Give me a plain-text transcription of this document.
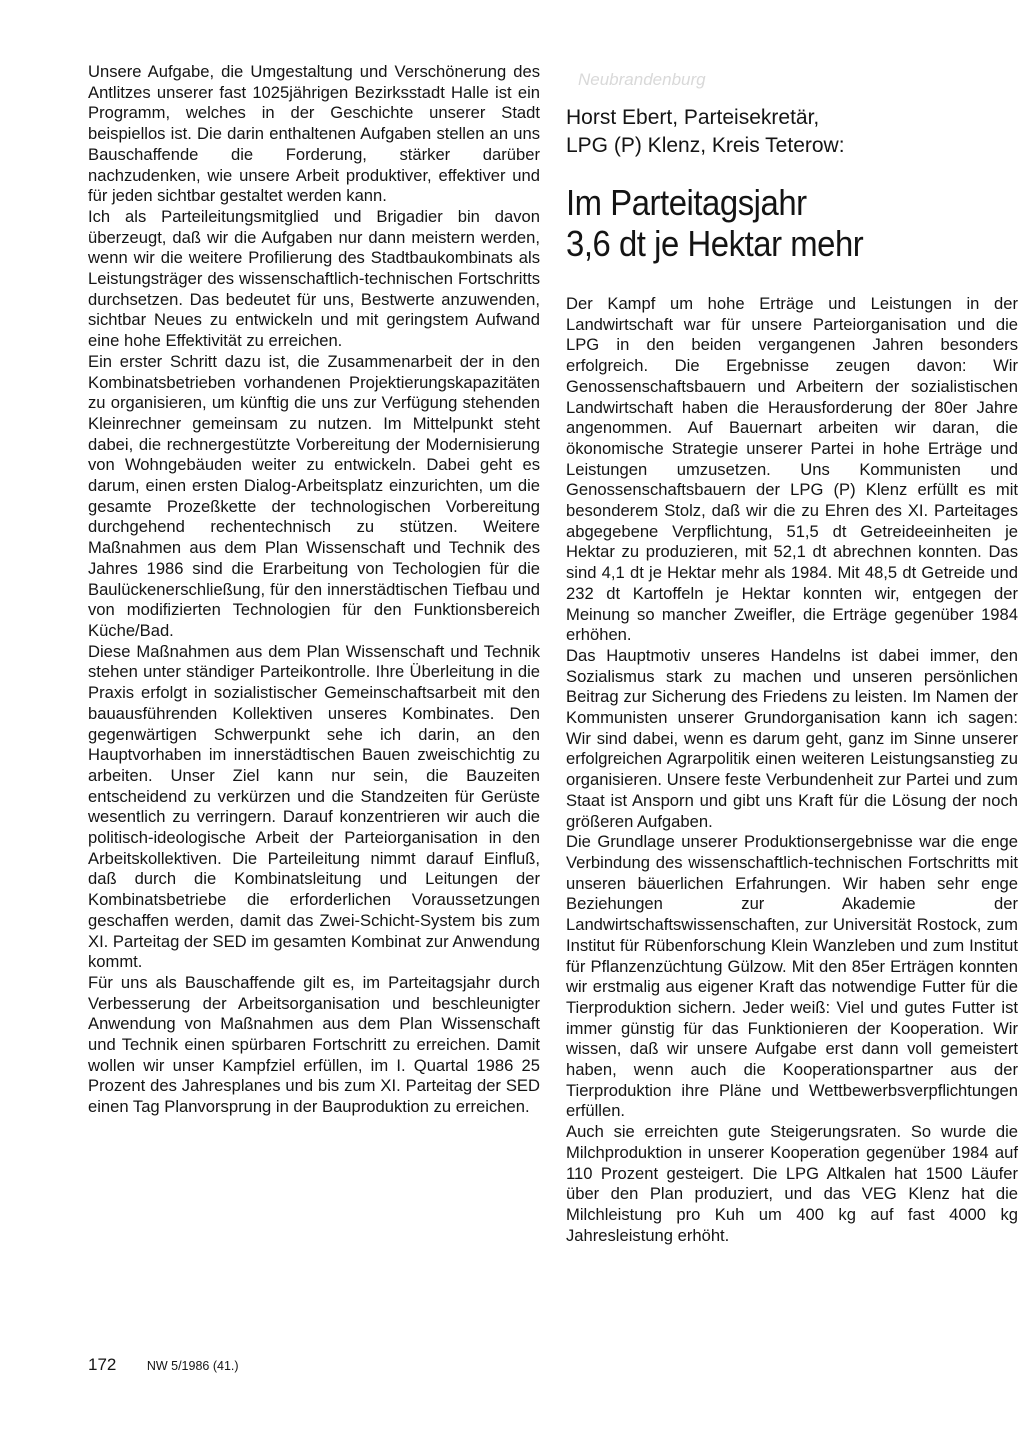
Unsere Aufgabe, die Umgestaltung und Verschönerung des Antlitzes unserer fast 1025jährigen Bezirksstadt Halle ist ein Programm, welches in der Geschichte unserer Stadt beispiellos ist. Die darin enthaltenen Aufgaben stellen an uns Bauschaffende die Forderung, stärker darüber nachzudenken, wie unsere Arbeit produktiver, effektiver und für jeden sichtbar gestaltet werden kann.

Ich als Parteileitungsmitglied und Brigadier bin davon überzeugt, daß wir die Aufgaben nur dann meistern werden, wenn wir die weitere Profilierung des Stadtbaukombinats als Leistungsträger des wissenschaftlich-technischen Fortschritts durchsetzen. Das bedeutet für uns, Bestwerte anzuwenden, sichtbar Neues zu entwickeln und mit geringstem Aufwand eine hohe Effektivität zu erreichen.

Ein erster Schritt dazu ist, die Zusammenarbeit der in den Kombinatsbetrieben vorhandenen Projektierungskapazitäten zu organisieren, um künftig die uns zur Verfügung stehenden Kleinrechner gemeinsam zu nutzen. Im Mittelpunkt steht dabei, die rechnergestützte Vorbereitung der Modernisierung von Wohngebäuden weiter zu entwickeln. Dabei geht es darum, einen ersten Dialog-Arbeitsplatz einzurichten, um die gesamte Prozeßkette der technologischen Vorbereitung durchgehend rechentechnisch zu stützen. Weitere Maßnahmen aus dem Plan Wissenschaft und Technik des Jahres 1986 sind die Erarbeitung von Techologien für die Baulückenerschließung, für den innerstädtischen Tiefbau und von modifizierten Technologien für den Funktionsbereich Küche/Bad.

Diese Maßnahmen aus dem Plan Wissenschaft und Technik stehen unter ständiger Parteikontrolle. Ihre Überleitung in die Praxis erfolgt in sozialistischer Gemeinschaftsarbeit mit den bauausführenden Kollektiven unseres Kombinates. Den gegenwärtigen Schwerpunkt sehe ich darin, an den Hauptvorhaben im innerstädtischen Bauen zweischichtig zu arbeiten. Unser Ziel kann nur sein, die Bauzeiten entscheidend zu verkürzen und die Standzeiten für Gerüste wesentlich zu verringern. Darauf konzentrieren wir auch die politisch-ideologische Arbeit der Parteiorganisation in den Arbeitskollektiven. Die Parteileitung nimmt darauf Einfluß, daß durch die Kombinatsleitung und Leitungen der Kombinatsbetriebe die erforderlichen Voraussetzungen geschaffen werden, damit das Zwei-Schicht-System bis zum XI. Parteitag der SED im gesamten Kombinat zur Anwendung kommt.

Für uns als Bauschaffende gilt es, im Parteitagsjahr durch Verbesserung der Arbeitsorganisation und beschleunigter Anwendung von Maßnahmen aus dem Plan Wissenschaft und Technik einen spürbaren Fortschritt zu erreichen. Damit wollen wir unser Kampfziel erfüllen, im I. Quartal 1986 25 Prozent des Jahresplanes und bis zum XI. Parteitag der SED einen Tag Planvorsprung in der Bauproduktion zu erreichen.

Neubrandenburg
Horst Ebert, Parteisekretär,
LPG (P) Klenz, Kreis Teterow:
Im Parteitagsjahr
3,6 dt je Hektar mehr

Der Kampf um hohe Erträge und Leistungen in der Landwirtschaft war für unsere Parteiorganisation und die LPG in den beiden vergangenen Jahren besonders erfolgreich. Die Ergebnisse zeugen davon: Wir Genossenschaftsbauern und Arbeitern der sozialistischen Landwirtschaft haben die Herausforderung der 80er Jahre angenommen. Auf Bauernart arbeiten wir daran, die ökonomische Strategie unserer Partei in hohe Erträge und Leistungen umzusetzen. Uns Kommunisten und Genossenschaftsbauern der LPG (P) Klenz erfüllt es mit besonderem Stolz, daß wir die zu Ehren des XI. Parteitages abgegebene Verpflichtung, 51,5 dt Getreideeinheiten je Hektar zu produzieren, mit 52,1 dt abrechnen konnten. Das sind 4,1 dt je Hektar mehr als 1984. Mit 48,5 dt Getreide und 232 dt Kartoffeln je Hektar konnten wir, entgegen der Meinung so mancher Zweifler, die Erträge gegenüber 1984 erhöhen.

Das Hauptmotiv unseres Handelns ist dabei immer, den Sozialismus stark zu machen und unseren persönlichen Beitrag zur Sicherung des Friedens zu leisten. Im Namen der Kommunisten unserer Grundorganisation kann ich sagen: Wir sind dabei, wenn es darum geht, ganz im Sinne unserer erfolgreichen Agrarpolitik einen weiteren Leistungsanstieg zu organisieren. Unsere feste Verbundenheit zur Partei und zum Staat ist Ansporn und gibt uns Kraft für die Lösung der noch größeren Aufgaben.

Die Grundlage unserer Produktionsergebnisse war die enge Verbindung des wissenschaftlich-technischen Fortschritts mit unseren bäuerlichen Erfahrungen. Wir haben sehr enge Beziehungen zur Akademie der Landwirtschaftswissenschaften, zur Universität Rostock, zum Institut für Rübenforschung Klein Wanzleben und zum Institut für Pflanzenzüchtung Gülzow. Mit den 85er Erträgen konnten wir erstmalig aus eigener Kraft das notwendige Futter für die Tierproduktion sichern. Jeder weiß: Viel und gutes Futter ist immer günstig für das Funktionieren der Kooperation. Wir wissen, daß wir unsere Aufgabe erst dann voll gemeistert haben, wenn auch die Kooperationspartner aus der Tierproduktion ihre Pläne und Wettbewerbsverpflichtungen erfüllen.

Auch sie erreichten gute Steigerungsraten. So wurde die Milchproduktion in unserer Kooperation gegenüber 1984 auf 110 Prozent gesteigert. Die LPG Altkalen hat 1500 Läufer über den Plan produziert, und das VEG Klenz hat die Milchleistung pro Kuh um 400 kg auf fast 4000 kg Jahresleistung erhöht.

172 NW 5/1986 (41.)
